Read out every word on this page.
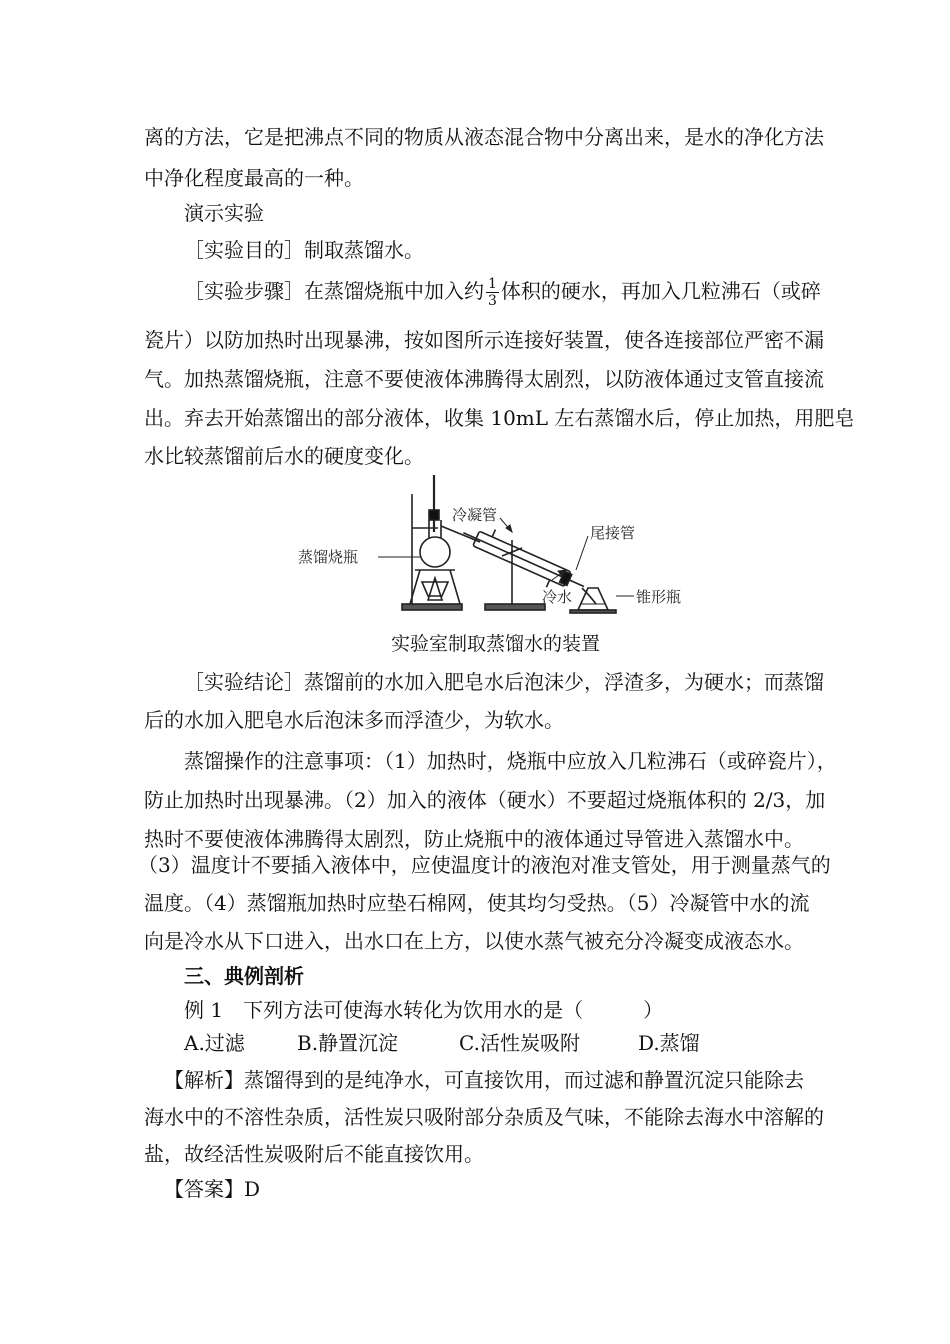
离的方法，它是把沸点不同的物质从液态混合物中分离出来，是水的净化方法
中净化程度最高的一种。
演示实验
［实验目的］制取蒸馏水。
［实验步骤］在蒸馏烧瓶中加入约 $\frac{1}{3}$ 体积的硬水，再加入几粒沸石（或碎
瓷片）以防加热时出现暴沸，按如图所示连接好装置，使各连接部位严密不漏
气。加热蒸馏烧瓶，注意不要使液体沸腾得太剧烈，以防液体通过支管直接流
出。弃去开始蒸馏出的部分液体，收集 10mL 左右蒸馏水后，停止加热，用肥皂
水比较蒸馏前后水的硬度变化。
冷凝管
蒸馏烧瓶
尾接管
冷水	锥形瓶
实验室制取蒸馏水的装置
［实验结论］蒸馏前的水加入肥皂水后泡沫少，浮渣多，为硬水；而蒸馏
后的水加入肥皂水后泡沫多而浮渣少，为软水。
蒸馏操作的注意事项：（1）加热时，烧瓶中应放入几粒沸石（或碎瓷片），
防止加热时出现暴沸。（2）加入的液体（硬水）不要超过烧瓶体积的 2/3，加
热时不要使液体沸腾得太剧烈，防止烧瓶中的液体通过导管进入蒸馏水中。
（3）温度计不要插入液体中，应使温度计的液泡对准支管处，用于测量蒸气的
温度。（4）蒸馏瓶加热时应垫石棉网，使其均匀受热。（5）冷凝管中水的流
向是冷水从下口进入，出水口在上方，以使水蒸气被充分冷凝变成液态水。
三、典例剖析
例 1　下列方法可使海水转化为饮用水的是（　　　）
A.过滤	B.静置沉淀	C.活性炭吸附	D.蒸馏
【解析】蒸馏得到的是纯净水，可直接饮用，而过滤和静置沉淀只能除去
海水中的不溶性杂质，活性炭只吸附部分杂质及气味，不能除去海水中溶解的
盐，故经活性炭吸附后不能直接饮用。
【答案】D
